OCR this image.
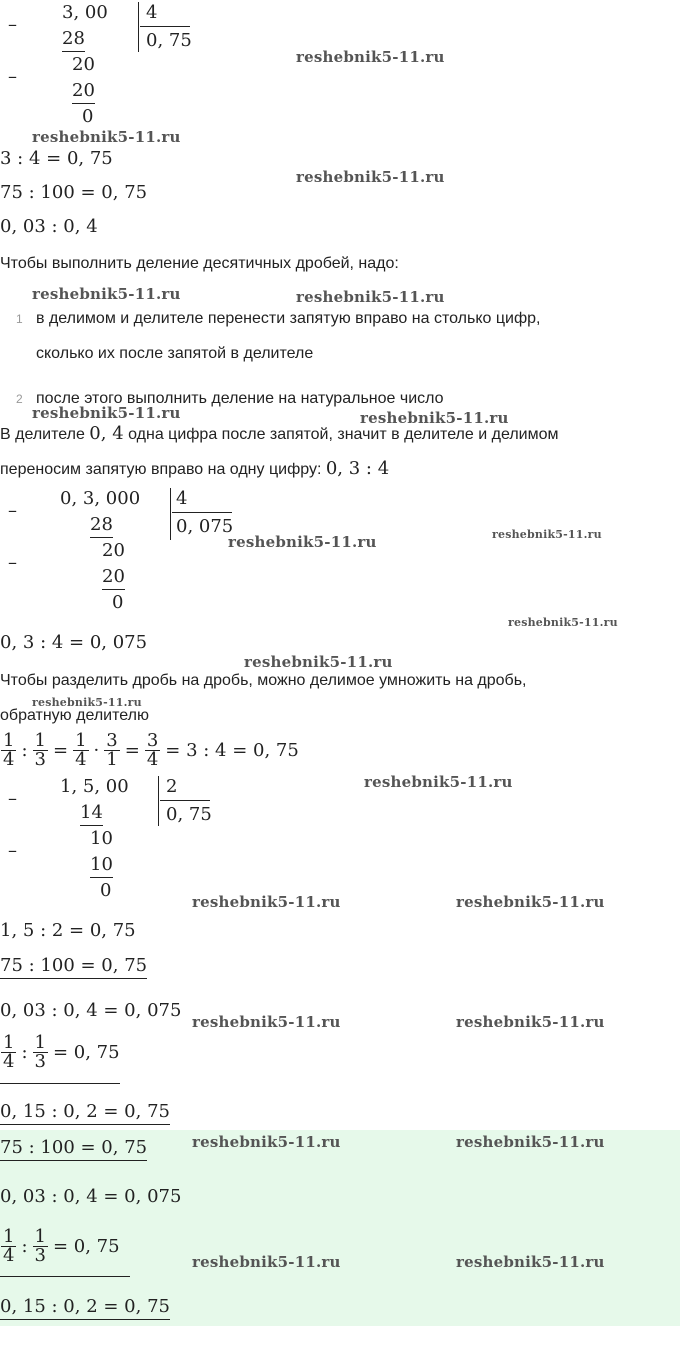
–
3, 00
28
4
0, 75
–
20
20
0
reshebnik5-11.ru
reshebnik5-11.ru
3 : 4 = 0, 75
reshebnik5-11.ru
75 : 100 = 0, 75
0, 03 : 0, 4
Чтобы выполнить деление десятичных дробей, надо:
reshebnik5-11.ru	reshebnik5-11.ru
1 в делимом и делителе перенести запятую вправо на столько цифр,
сколько их после запятой в делителе
2 после этого выполнить деление на натуральное число
reshebnik5-11.ru	reshebnik5-11.ru
В делителе 0, 4 одна цифра после запятой, значит в делителе и делимом
переносим запятую вправо на одну цифру: 0, 3 : 4
–
0, 3, 000
28
4
0, 075
reshebnik5-11.ru	reshebnik5-11.ru
–
20
20
0
reshebnik5-11.ru
0, 3 : 4 = 0, 075
reshebnik5-11.ru
Чтобы разделить дробь на дробь, можно делимое умножить на дробь,
reshebnik5-11.ru
обратную делителю
$\frac{1}{4}$ : $\frac{1}{3} = \frac{1}{4} \cdot \frac{3}{1} = \frac{3}{4} = 3$ : 4 = 0, 75
–
1, 5, 00
14
2
0, 75
reshebnik5-11.ru
–
10
10
0
reshebnik5-11.ru	reshebnik5-11.ru
1, 5 : 2 = 0, 75
75 : 100 = 0, 75
0, 03 : 0, 4 = 0, 075
reshebnik5-11.ru	reshebnik5-11.ru
$\frac{1}{4}$ : $\frac{1}{3} = 0$, 75
0, 15 : 0, 2 = 0, 75
reshebnik5-11.ru	reshebnik5-11.ru
75 : 100 = 0, 75
0, 03 : 0, 4 = 0, 075
$\frac{1}{4}$ : $\frac{1}{3} = 0$, 75
reshebnik5-11.ru	reshebnik5-11.ru
0, 15 : 0, 2 = 0, 75
